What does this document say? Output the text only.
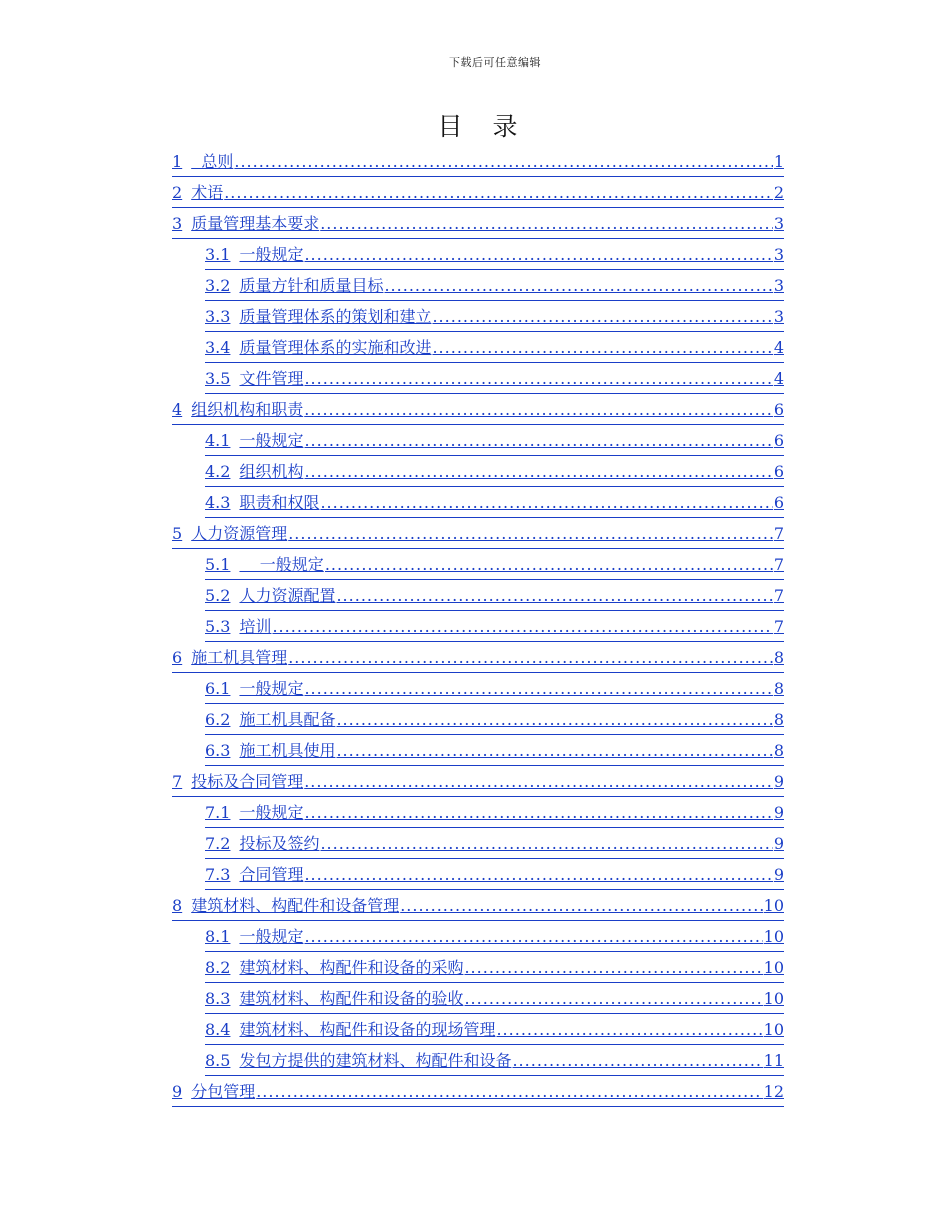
下载后可任意编辑
目 录
1 总则 .....	1
2 术语 .....	2
3 质量管理基本要求 .....	3
3.1 一般规定 .....	3
3.2 质量方针和质量目标 .....	3
3.3 质量管理体系的策划和建立 .....	3
3.4 质量管理体系的实施和改进 .....	4
3.5 文件管理 .....	4
4 组织机构和职责 .....	6
4.1 一般规定 .....	6
4.2 组织机构 .....	6
4.3 职责和权限 .....	6
5 人力资源管理 .....	7
5.1 一般规定 .....	7
5.2 人力资源配置 .....	7
5.3 培训 .....	7
6 施工机具管理 .....	8
6.1 一般规定 .....	8
6.2 施工机具配备 .....	8
6.3 施工机具使用 .....	8
7 投标及合同管理 .....	9
7.1 一般规定 .....	9
7.2 投标及签约 .....	9
7.3 合同管理 .....	9
8 建筑材料、构配件和设备管理 .....	10
8.1 一般规定 .....	10
8.2 建筑材料、构配件和设备的采购 .....	10
8.3 建筑材料、构配件和设备的验收 .....	10
8.4 建筑材料、构配件和设备的现场管理 .....	10
8.5 发包方提供的建筑材料、构配件和设备 .....	11
9 分包管理 .....	12
